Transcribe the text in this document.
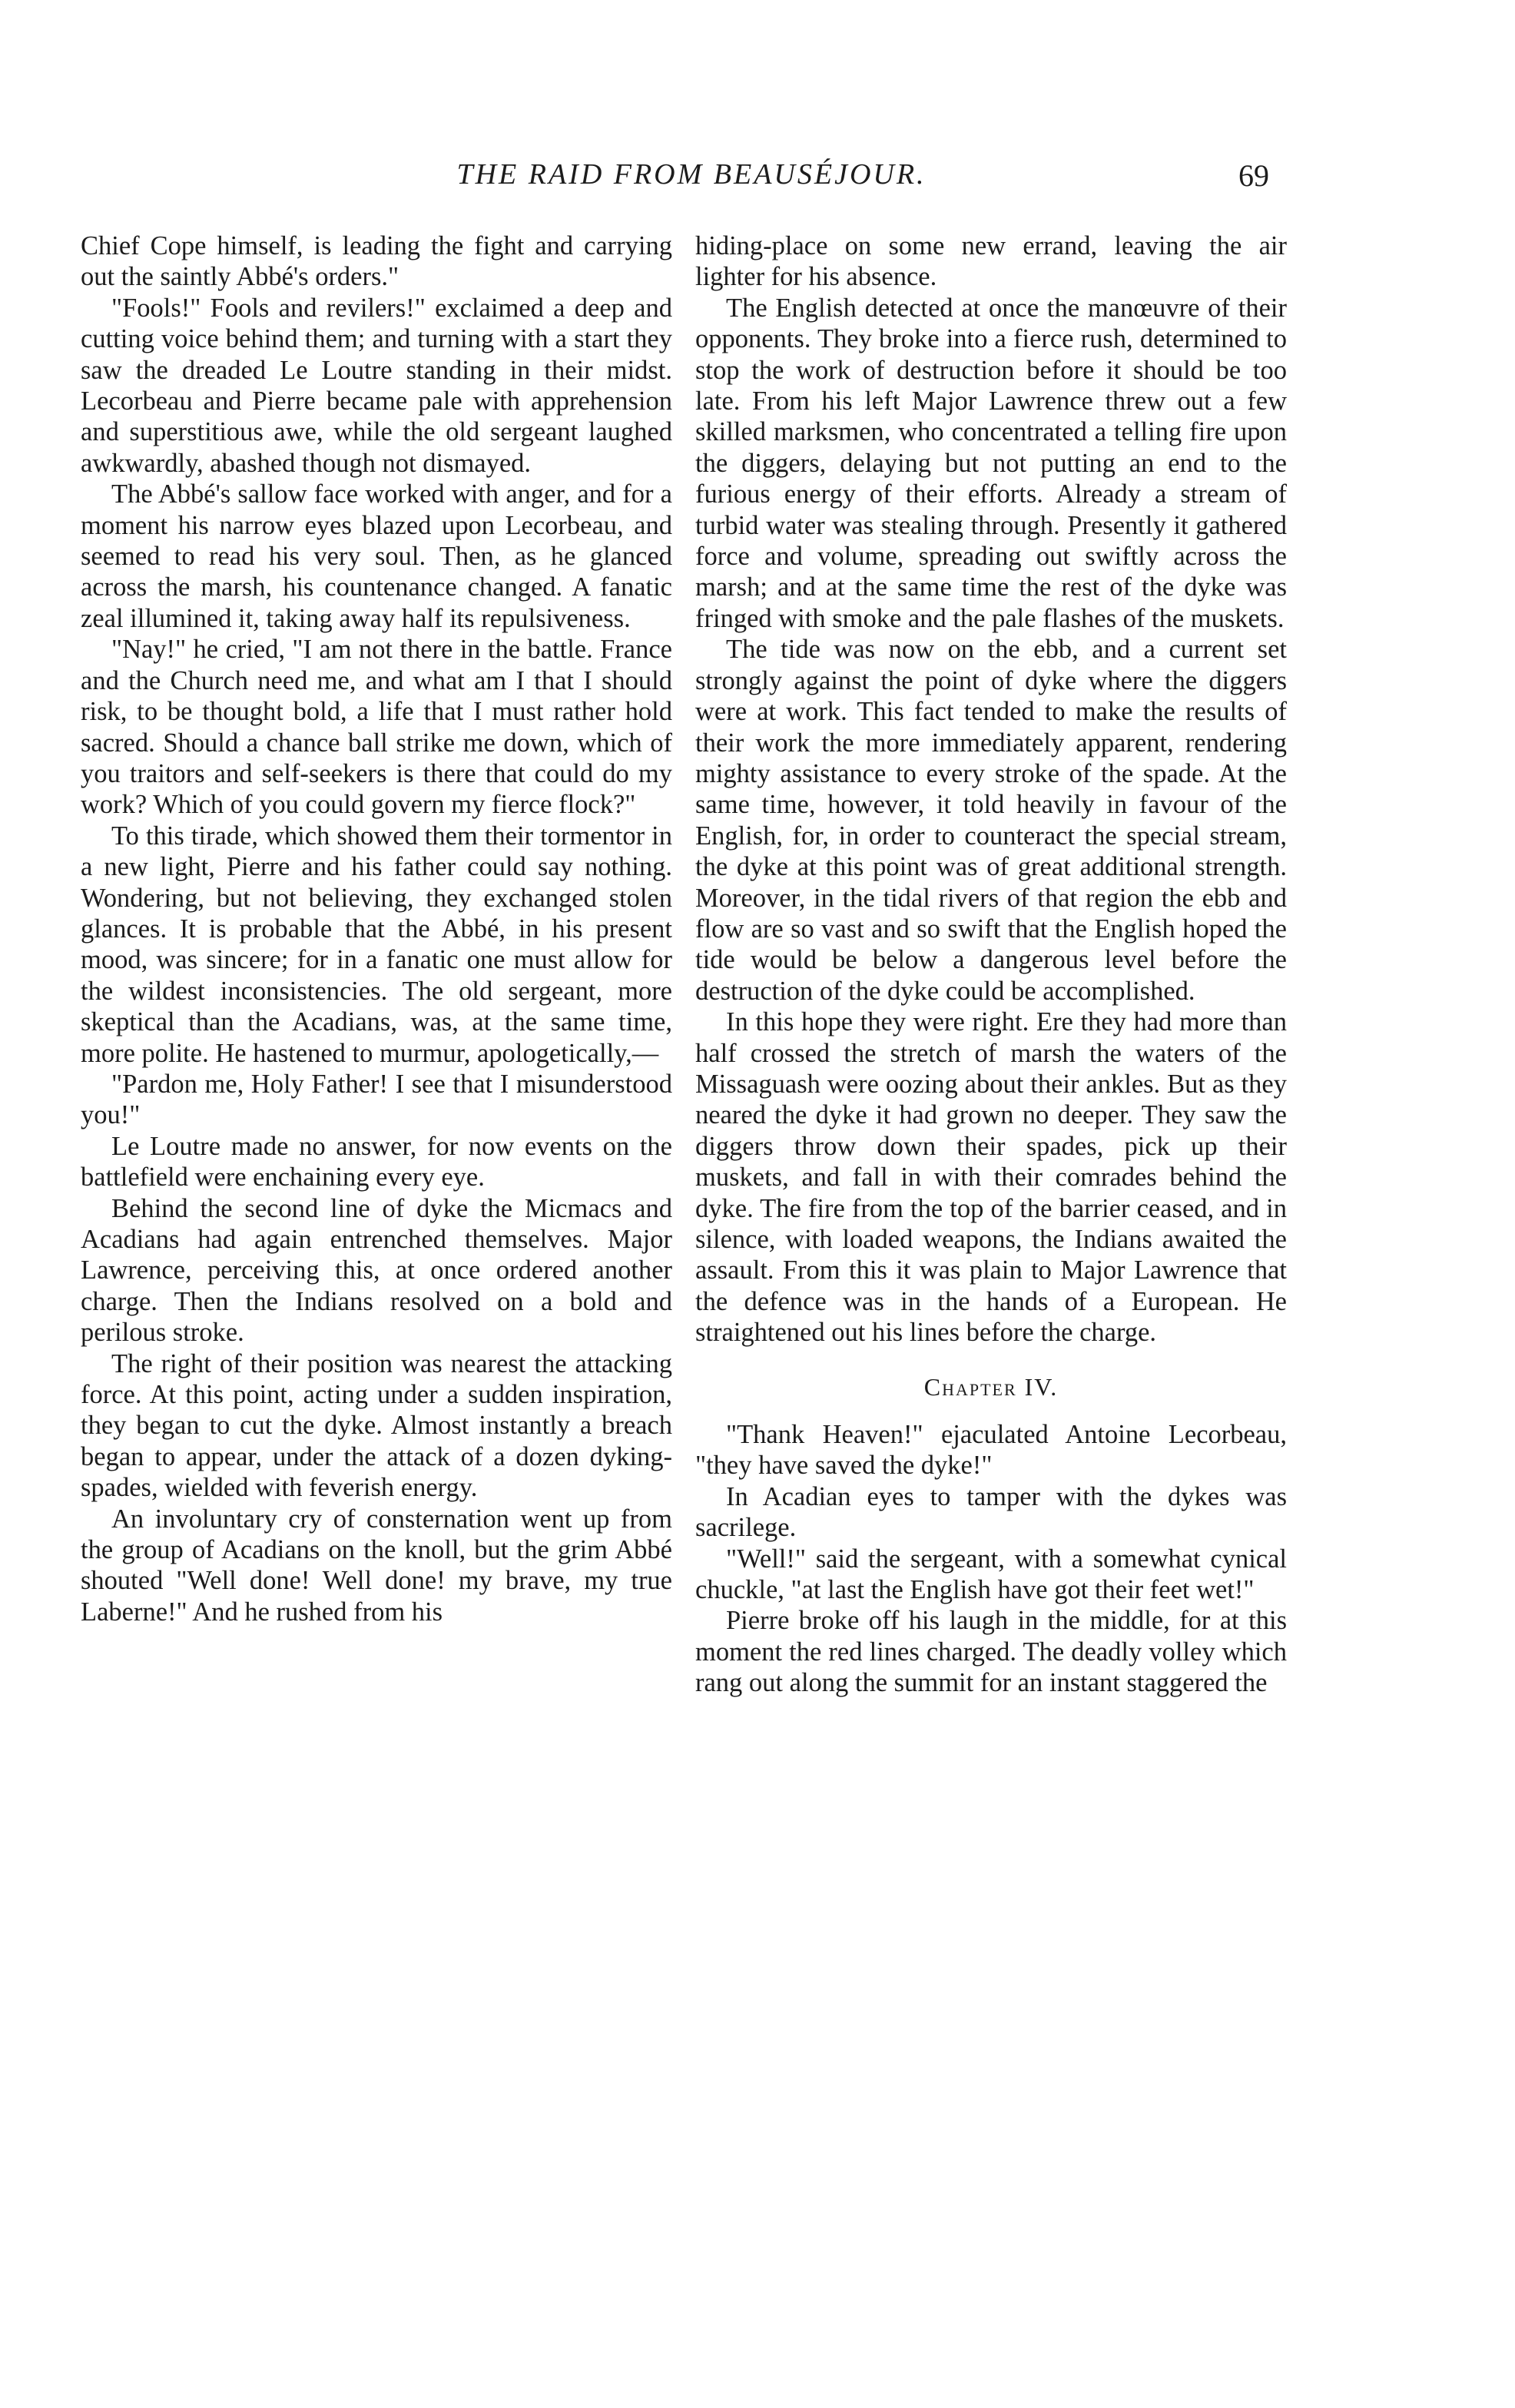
THE RAID FROM BEAUSÉJOUR.	69

Chief Cope himself, is leading the fight and carrying out the saintly Abbé's orders."

"Fools!" Fools and revilers!" exclaimed a deep and cutting voice behind them; and turning with a start they saw the dreaded Le Loutre standing in their midst. Lecorbeau and Pierre became pale with apprehension and superstitious awe, while the old sergeant laughed awkwardly, abashed though not dismayed.

The Abbé's sallow face worked with anger, and for a moment his narrow eyes blazed upon Lecorbeau, and seemed to read his very soul. Then, as he glanced across the marsh, his countenance changed. A fanatic zeal illumined it, taking away half its repulsiveness.

"Nay!" he cried, "I am not there in the battle. France and the Church need me, and what am I that I should risk, to be thought bold, a life that I must rather hold sacred. Should a chance ball strike me down, which of you traitors and self-seekers is there that could do my work? Which of you could govern my fierce flock?"

To this tirade, which showed them their tormentor in a new light, Pierre and his father could say nothing. Wondering, but not believing, they exchanged stolen glances. It is probable that the Abbé, in his present mood, was sincere; for in a fanatic one must allow for the wildest inconsistencies. The old sergeant, more skeptical than the Acadians, was, at the same time, more polite. He hastened to murmur, apologetically,—

"Pardon me, Holy Father! I see that I misunderstood you!"

Le Loutre made no answer, for now events on the battlefield were enchaining every eye.

Behind the second line of dyke the Micmacs and Acadians had again entrenched themselves. Major Lawrence, perceiving this, at once ordered another charge. Then the Indians resolved on a bold and perilous stroke.

The right of their position was nearest the attacking force. At this point, acting under a sudden inspiration, they began to cut the dyke. Almost instantly a breach began to appear, under the attack of a dozen dyking-spades, wielded with feverish energy.

An involuntary cry of consternation went up from the group of Acadians on the knoll, but the grim Abbé shouted "Well done! Well done! my brave, my true Laberne!" And he rushed from his

hiding-place on some new errand, leaving the air lighter for his absence.

The English detected at once the manœuvre of their opponents. They broke into a fierce rush, determined to stop the work of destruction before it should be too late. From his left Major Lawrence threw out a few skilled marksmen, who concentrated a telling fire upon the diggers, delaying but not putting an end to the furious energy of their efforts. Already a stream of turbid water was stealing through. Presently it gathered force and volume, spreading out swiftly across the marsh; and at the same time the rest of the dyke was fringed with smoke and the pale flashes of the muskets.

The tide was now on the ebb, and a current set strongly against the point of dyke where the diggers were at work. This fact tended to make the results of their work the more immediately apparent, rendering mighty assistance to every stroke of the spade. At the same time, however, it told heavily in favour of the English, for, in order to counteract the special stream, the dyke at this point was of great additional strength. Moreover, in the tidal rivers of that region the ebb and flow are so vast and so swift that the English hoped the tide would be below a dangerous level before the destruction of the dyke could be accomplished.

In this hope they were right. Ere they had more than half crossed the stretch of marsh the waters of the Missaguash were oozing about their ankles. But as they neared the dyke it had grown no deeper. They saw the diggers throw down their spades, pick up their muskets, and fall in with their comrades behind the dyke. The fire from the top of the barrier ceased, and in silence, with loaded weapons, the Indians awaited the assault. From this it was plain to Major Lawrence that the defence was in the hands of a European. He straightened out his lines before the charge.

Chapter IV.

"Thank Heaven!" ejaculated Antoine Lecorbeau, "they have saved the dyke!"

In Acadian eyes to tamper with the dykes was sacrilege.

"Well!" said the sergeant, with a somewhat cynical chuckle, "at last the English have got their feet wet!"

Pierre broke off his laugh in the middle, for at this moment the red lines charged. The deadly volley which rang out along the summit for an instant staggered the
